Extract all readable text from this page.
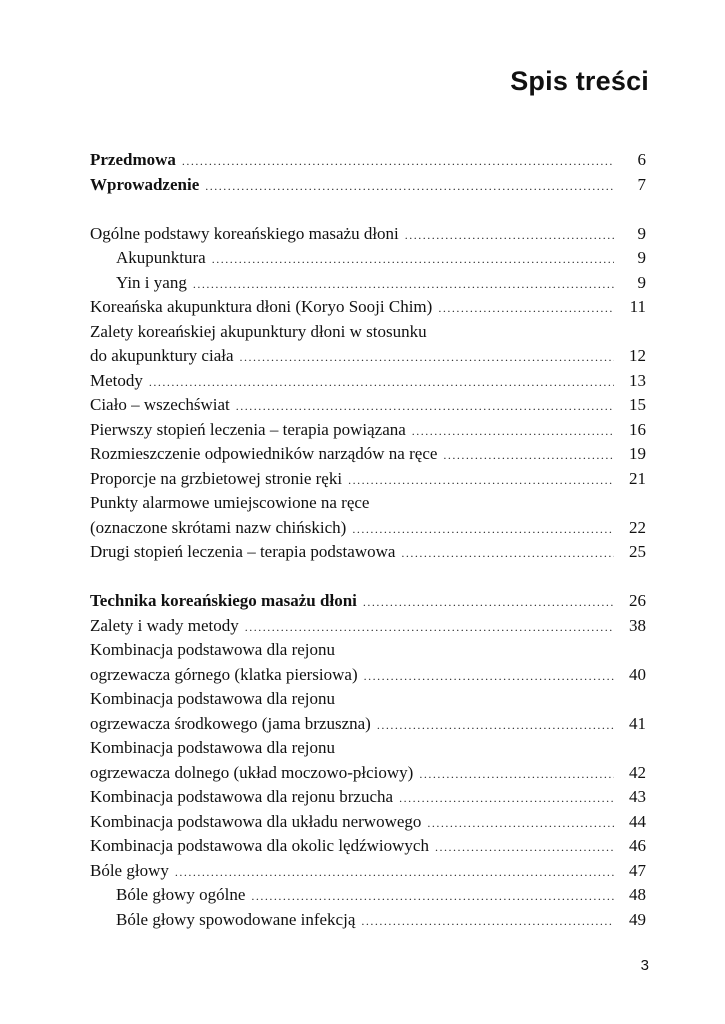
Spis treści
Przedmowa .....	6
Wprowadzenie .....	7
Ogólne podstawy koreańskiego masażu dłoni .....	9
Akupunktura .....	9
Yin i yang .....	9
Koreańska akupunktura dłoni (Koryo Sooji Chim) .....	11
Zalety koreańskiej akupunktury dłoni w stosunku
do akupunktury ciała .....	12
Metody .....	13
Ciało – wszechświat .....	15
Pierwszy stopień leczenia – terapia powiązana .....	16
Rozmieszczenie odpowiedników narządów na ręce .....	19
Proporcje na grzbietowej stronie ręki .....	21
Punkty alarmowe umiejscowione na ręce
(oznaczone skrótami nazw chińskich) .....	22
Drugi stopień leczenia – terapia podstawowa .....	25
Technika koreańskiego masażu dłoni .....	26
Zalety i wady metody .....	38
Kombinacja podstawowa dla rejonu
ogrzewacza górnego (klatka piersiowa) .....	40
Kombinacja podstawowa dla rejonu
ogrzewacza środkowego (jama brzuszna) .....	41
Kombinacja podstawowa dla rejonu
ogrzewacza dolnego (układ moczowo-płciowy) .....	42
Kombinacja podstawowa dla rejonu brzucha .....	43
Kombinacja podstawowa dla układu nerwowego .....	44
Kombinacja podstawowa dla okolic lędźwiowych .....	46
Bóle głowy .....	47
Bóle głowy ogólne .....	48
Bóle głowy spowodowane infekcją .....	49
3
